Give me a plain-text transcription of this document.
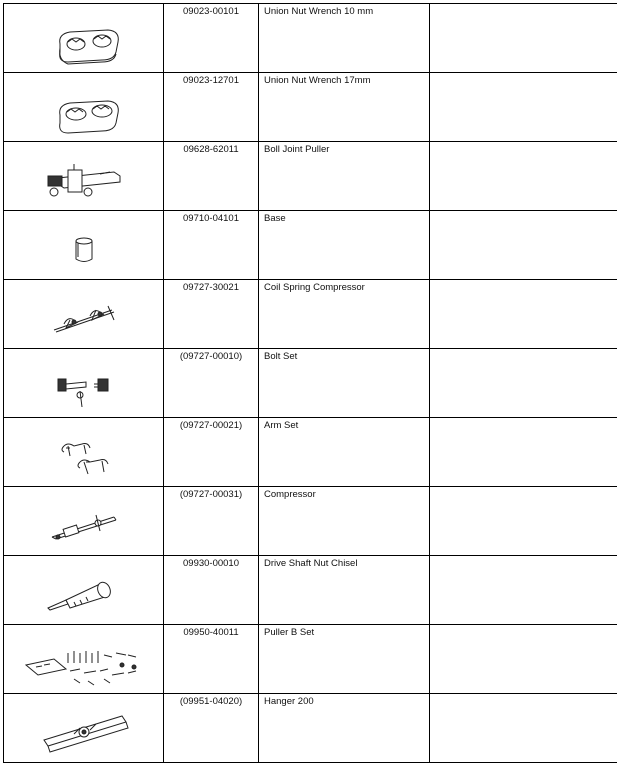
09023-00101	Union Nut Wrench 10 mm	

09023-12701	Union Nut Wrench 17mm	

09628-62011	Boll Joint Puller	

09710-04101	Base	

09727-30021	Coil Spring Compressor	

(09727-00010)	Bolt Set	

(09727-00021)	Arm Set	

(09727-00031)	Compressor	

09930-00010	Drive Shaft Nut Chisel	

09950-40011	Puller B Set	

(09951-04020)	Hanger 200	
